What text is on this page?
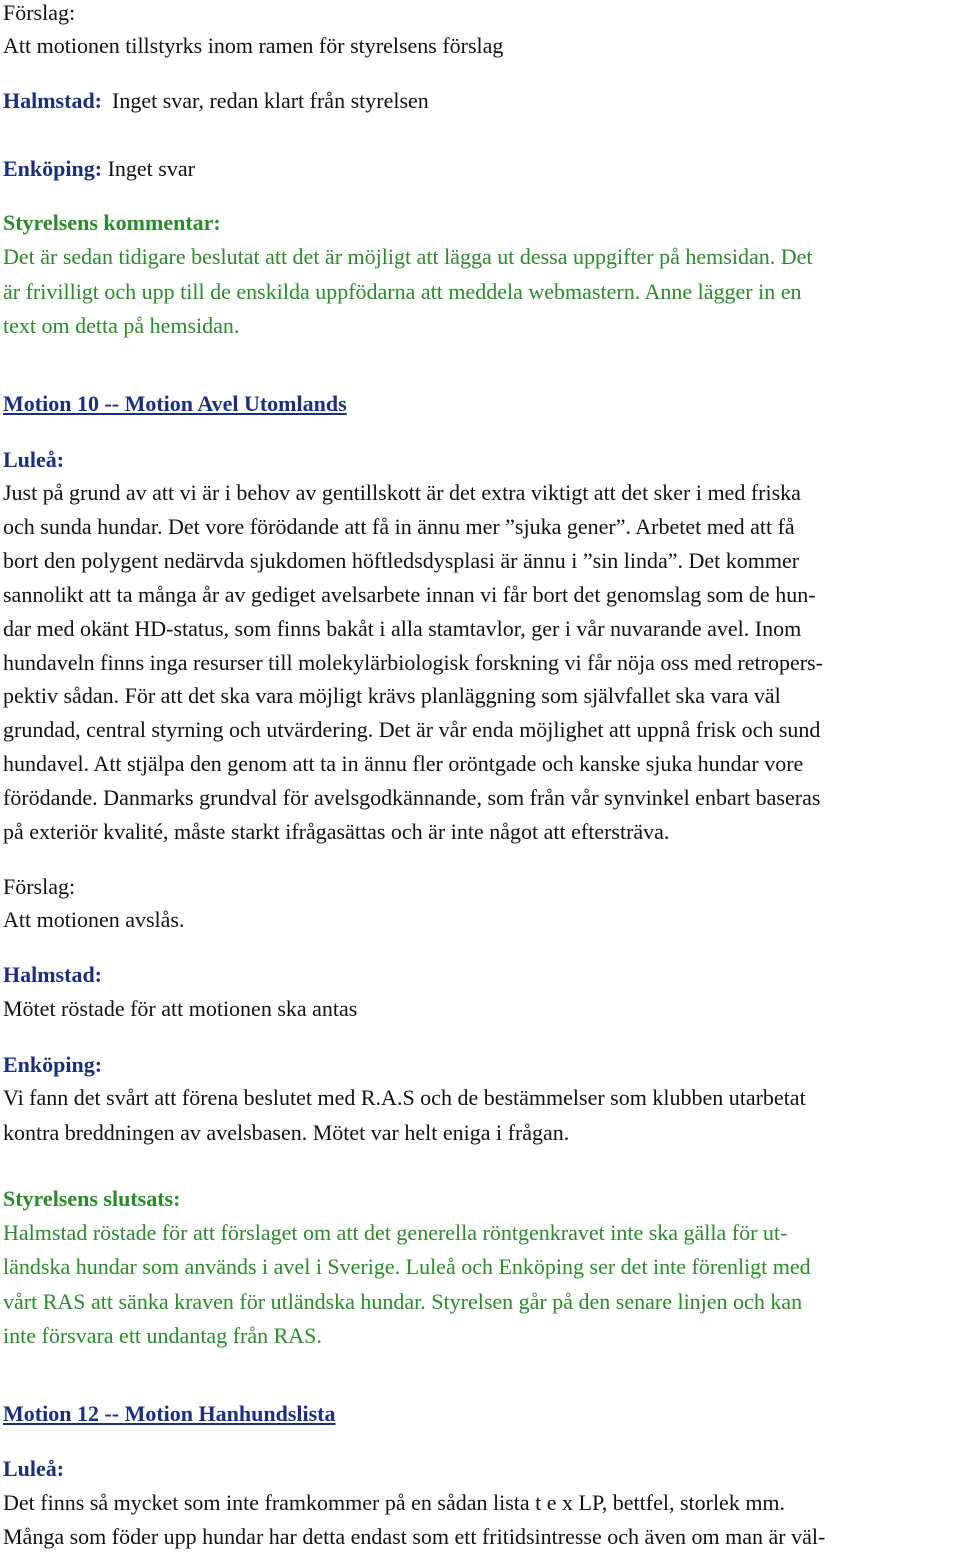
Förslag:
Att motionen tillstyrks inom ramen för styrelsens förslag
Halmstad: Inget svar, redan klart från styrelsen
Enköping: Inget svar
Styrelsens kommentar:
Det är sedan tidigare beslutat att det är möjligt att lägga ut dessa uppgifter på hemsidan. Det
är frivilligt och upp till de enskilda uppfödarna att meddela webmastern. Anne lägger in en
text om detta på hemsidan.
Motion 10 -- Motion Avel Utomlands
Luleå:
Just på grund av att vi är i behov av gentillskott är det extra viktigt att det sker i med friska
och sunda hundar. Det vore förödande att få in ännu mer ”sjuka gener”. Arbetet med att få
bort den polygent nedärvda sjukdomen höftledsdysplasi är ännu i ”sin linda”. Det kommer
sannolikt att ta många år av gediget avelsarbete innan vi får bort det genomslag som de hun-
dar med okänt HD-status, som finns bakåt i alla stamtavlor, ger i vår nuvarande avel. Inom
hundaveln finns inga resurser till molekylärbiologisk forskning vi får nöja oss med retropers-
pektiv sådan. För att det ska vara möjligt krävs planläggning som självfallet ska vara väl
grundad, central styrning och utvärdering. Det är vår enda möjlighet att uppnå frisk och sund
hundavel. Att stjälpa den genom att ta in ännu fler oröntgade och kanske sjuka hundar vore
förödande. Danmarks grundval för avelsgodkännande, som från vår synvinkel enbart baseras
på exteriör kvalité, måste starkt ifrågasättas och är inte något att eftersträva.
Förslag:
Att motionen avslås.
Halmstad:
Mötet röstade för att motionen ska antas
Enköping:
Vi fann det svårt att förena beslutet med R.A.S och de bestämmelser som klubben utarbetat
kontra breddningen av avelsbasen. Mötet var helt eniga i frågan.
Styrelsens slutsats:
Halmstad röstade för att förslaget om att det generella röntgenkravet inte ska gälla för ut-
ländska hundar som används i avel i Sverige. Luleå och Enköping ser det inte förenligt med
vårt RAS att sänka kraven för utländska hundar. Styrelsen går på den senare linjen och kan
inte försvara ett undantag från RAS.
Motion 12 -- Motion Hanhundslista
Luleå:
Det finns så mycket som inte framkommer på en sådan lista t e x LP, bettfel, storlek mm.
Många som föder upp hundar har detta endast som ett fritidsintresse och även om man är väl-
